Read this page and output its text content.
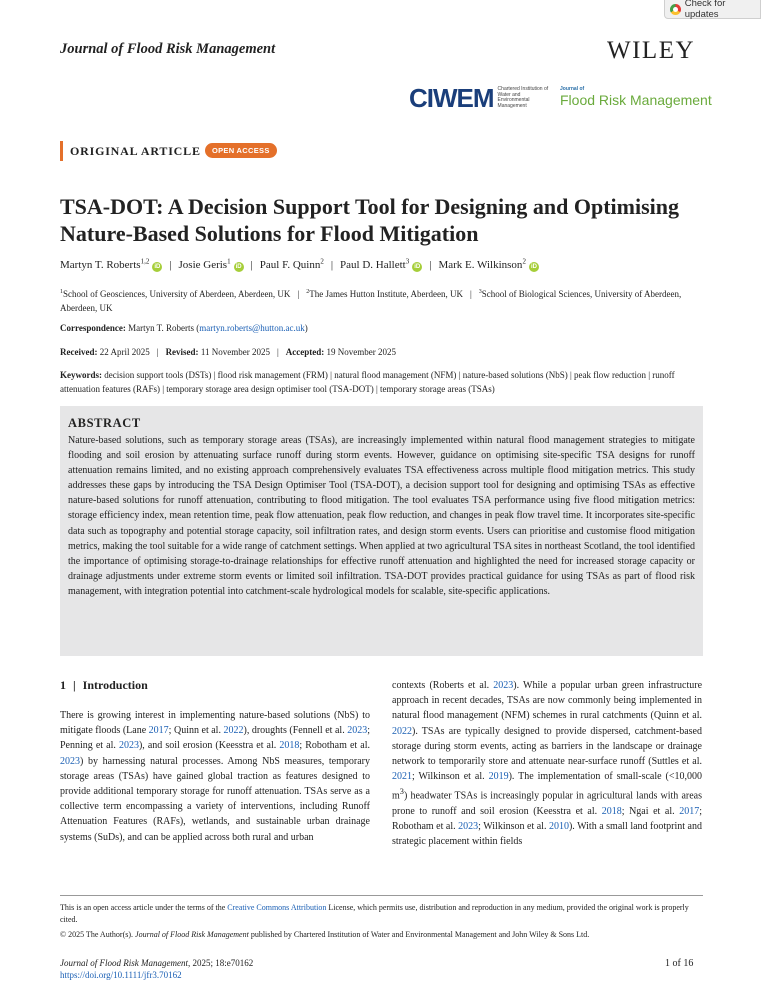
Check for updates
Journal of Flood Risk Management	WILEY
CIWEM Chartered Institution of Water and Environmental Management
Journal of
Flood Risk Management
ORIGINAL ARTICLE	OPEN ACCESS
TSA-DOT: A Decision Support Tool for Designing and Optimising Nature-Based Solutions for Flood Mitigation
Martyn T. Roberts$^{1,2}$iD | Josie Geris$^1$iD | Paul F. Quinn$^2$ | Paul D. Hallett$^3$iD | Mark E. Wilkinson$^2$iD
$^1$School of Geosciences, University of Aberdeen, Aberdeen, UK | $^2$The James Hutton Institute, Aberdeen, UK | $^3$School of Biological Sciences, University of Aberdeen, Aberdeen, UK
Correspondence: Martyn T. Roberts (martyn.roberts@hutton.ac.uk)
Received: 22 April 2025 | Revised: 11 November 2025 | Accepted: 19 November 2025
Keywords: decision support tools (DSTs) | flood risk management (FRM) | natural flood management (NFM) | nature-based solutions (NbS) | peak flow reduction | runoff attenuation features (RAFs) | temporary storage area design optimiser tool (TSA-DOT) | temporary storage areas (TSAs)
ABSTRACT
Nature-based solutions, such as temporary storage areas (TSAs), are increasingly implemented within natural flood management strategies to mitigate flooding and soil erosion by attenuating surface runoff during storm events. However, guidance on optimising site-specific TSA designs for runoff attenuation remains limited, and no existing approach comprehensively evaluates TSA effectiveness across multiple flood mitigation metrics. This study addresses these gaps by introducing the TSA Design Optimiser Tool (TSA-DOT), a decision support tool for designing and optimising TSAs as effective nature-based solutions for runoff attenuation, contributing to flood mitigation. The tool evaluates TSA performance using five flood mitigation metrics: storage efficiency index, mean retention time, peak flow attenuation, peak flow reduction, and changes in peak flow travel time. It incorporates site-specific data such as topography and potential storage capacity, soil infiltration rates, and design storm events. Users can prioritise and customise flood mitigation metrics, making the tool suitable for a wide range of catchment settings. When applied at two agricultural TSA sites in northeast Scotland, the tool identified the importance of optimising storage-to-drainage relationships for effective runoff attenuation and highlighted the need for increased storage capacity or drainage adjustments under extreme storm events or limited soil infiltration. TSA-DOT provides practical guidance for using TSAs as part of flood risk management, with integration potential into catchment-scale hydrological models for scalable, site-specific applications.
1 | Introduction
There is growing interest in implementing nature-based solutions (NbS) to mitigate floods (Lane 2017; Quinn et al. 2022), droughts (Fennell et al. 2023; Penning et al. 2023), and soil erosion (Keesstra et al. 2018; Robotham et al. 2023) by harnessing natural processes. Among NbS measures, temporary storage areas (TSAs) have gained global traction as features designed to provide additional temporary storage for runoff attenuation. TSAs serve as a collective term encompassing a variety of interventions, including Runoff Attenuation Features (RAFs), wetlands, and sustainable urban drainage systems (SuDs), and can be applied across both rural and urban
contexts (Roberts et al. 2023). While a popular urban green infrastructure approach in recent decades, TSAs are now commonly being implemented in natural flood management (NFM) schemes in rural catchments (Quinn et al. 2022). TSAs are typically designed to provide dispersed, catchment-based storage during storm events, acting as barriers in the landscape or drainage network to temporarily store and attenuate near-surface runoff (Suttles et al. 2021; Wilkinson et al. 2019). The implementation of small-scale (<10,000 $m^3$) headwater TSAs is increasingly popular in agricultural lands with areas prone to runoff and soil erosion (Keesstra et al. 2018; Ngai et al. 2017; Robotham et al. 2023; Wilkinson et al. 2010). With a small land footprint and strategic placement within fields
This is an open access article under the terms of the Creative Commons Attribution License, which permits use, distribution and reproduction in any medium, provided the original work is properly cited.
© 2025 The Author(s). Journal of Flood Risk Management published by Chartered Institution of Water and Environmental Management and John Wiley & Sons Ltd.
Journal of Flood Risk Management, 2025; 18:e70162
https://doi.org/10.1111/jfr3.70162
1 of 16
